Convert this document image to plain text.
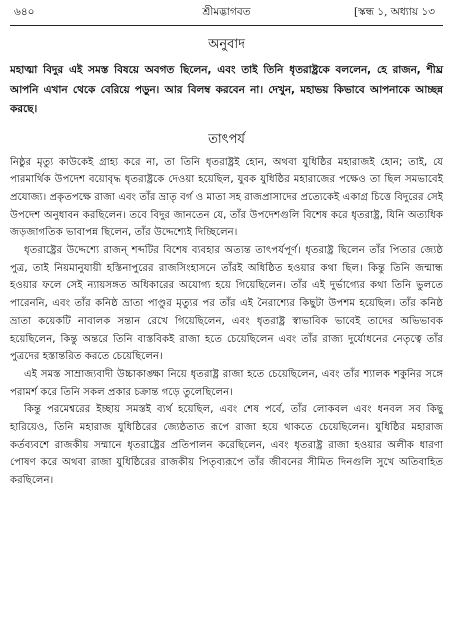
৬৪০	শ্রীমদ্ভাগবত	[স্কন্ধ ১, অধ্যায় ১৩
অনুবাদ

মহাত্মা বিদুর এই সমস্ত বিষয়ে অবগত ছিলেন, এবং তাই তিনি ধৃতরাষ্ট্রকে বললেন, হে রাজন, শীঘ্র আপনি এখান থেকে বেরিয়ে পড়ুন। আর বিলম্ব করবেন না। দেখুন, মহাভয় কিভাবে আপনাকে আচ্ছন্ন করছে।

তাৎপর্য

নিষ্ঠুর মৃত্যু কাউকেই গ্রাহ্য করে না, তা তিনি ধৃতরাষ্ট্রই হোন, অথবা যুধিষ্ঠির মহারাজই হোন; তাই, যে পারমার্থিক উপদেশ বয়োবৃদ্ধ ধৃতরাষ্ট্রকে দেওয়া হয়েছিল, যুবক যুধিষ্ঠির মহারাজের পক্ষেও তা ছিল সমভাবেই প্রযোজ্য। প্রকৃতপক্ষে রাজা এবং তাঁর ভ্রাতৃ বর্গ ও মাতা সহ রাজপ্রাসাদের প্রত্যেকেই একাগ্র চিত্তে বিদুরের সেই উপদেশ অনুধাবন করছিলেন। তবে বিদুর জানতেন যে, তাঁর উপদেশগুলি বিশেষ করে ধৃতরাষ্ট্র, যিনি অত্যধিক জড়জাগতিক ভাবাপন্ন ছিলেন, তাঁর উদ্দেশ্যেই দিচ্ছিলেন।

ধৃতরাষ্ট্রের উদ্দেশ্যে রাজন্ শব্দটির বিশেষ ব্যবহার অত্যন্ত তাৎপর্যপূর্ণ। ধৃতরাষ্ট্র ছিলেন তাঁর পিতার জ্যেষ্ঠ পুত্র, তাই নিয়মানুযায়ী হস্তিনাপুরের রাজসিংহাসনে তাঁরই অধিষ্ঠিত হওয়ার কথা ছিল। কিন্তু তিনি জন্মান্ধ হওয়ার ফলে সেই ন্যায়সঙ্গত অধিকারের অযোগ্য হয়ে গিয়েছিলেন। তাঁর এই দুর্ভাগ্যের কথা তিনি ভুলতে পারেননি, এবং তাঁর কনিষ্ঠ ভ্রাতা পাণ্ডুর মৃত্যুর পর তাঁর এই নৈরাশ্যের কিছুটা উপশম হয়েছিল। তাঁর কনিষ্ঠ ভ্রাতা কয়েকটি নাবালক সন্তান রেখে গিয়েছিলেন, এবং ধৃতরাষ্ট্র স্বাভাবিক ভাবেই তাদের অভিভাবক হয়েছিলেন, কিন্তু অন্তরে তিনি বাস্তবিকই রাজা হতে চেয়েছিলেন এবং তাঁর রাজ্য দুর্যোধনের নেতৃত্বে তাঁর পুত্রদের হস্তান্তরিত করতে চেয়েছিলেন।

এই সমস্ত সাম্রাজ্যবাদী উচ্চাকাঙ্ক্ষা নিয়ে ধৃতরাষ্ট্র রাজা হতে চেয়েছিলেন, এবং তাঁর শ্যালক শকুনির সঙ্গে পরামর্শ করে তিনি সকল প্রকার চক্রান্ত গড়ে তুলেছিলেন।

কিন্তু পরমেশ্বরের ইচ্ছায় সমস্তই ব্যর্থ হয়েছিল, এবং শেষ পর্বে, তাঁর লোকবল এবং ধনবল সব কিছু হারিয়েও, তিনি মহারাজ যুধিষ্ঠিরের জ্যেষ্ঠতাত রূপে রাজা হয়ে থাকতে চেয়েছিলেন। যুধিষ্ঠির মহারাজ কর্তব্যবশে রাজকীয় সম্মানে ধৃতরাষ্ট্রের প্রতিপালন করেছিলেন, এবং ধৃতরাষ্ট্র রাজা হওয়ার অলীক ধারণা পোষণ করে অথবা রাজা যুধিষ্ঠিরের রাজকীয় পিতৃব্যরূপে তাঁর জীবনের সীমিত দিনগুলি সুখে অতিবাহিত করছিলেন।
